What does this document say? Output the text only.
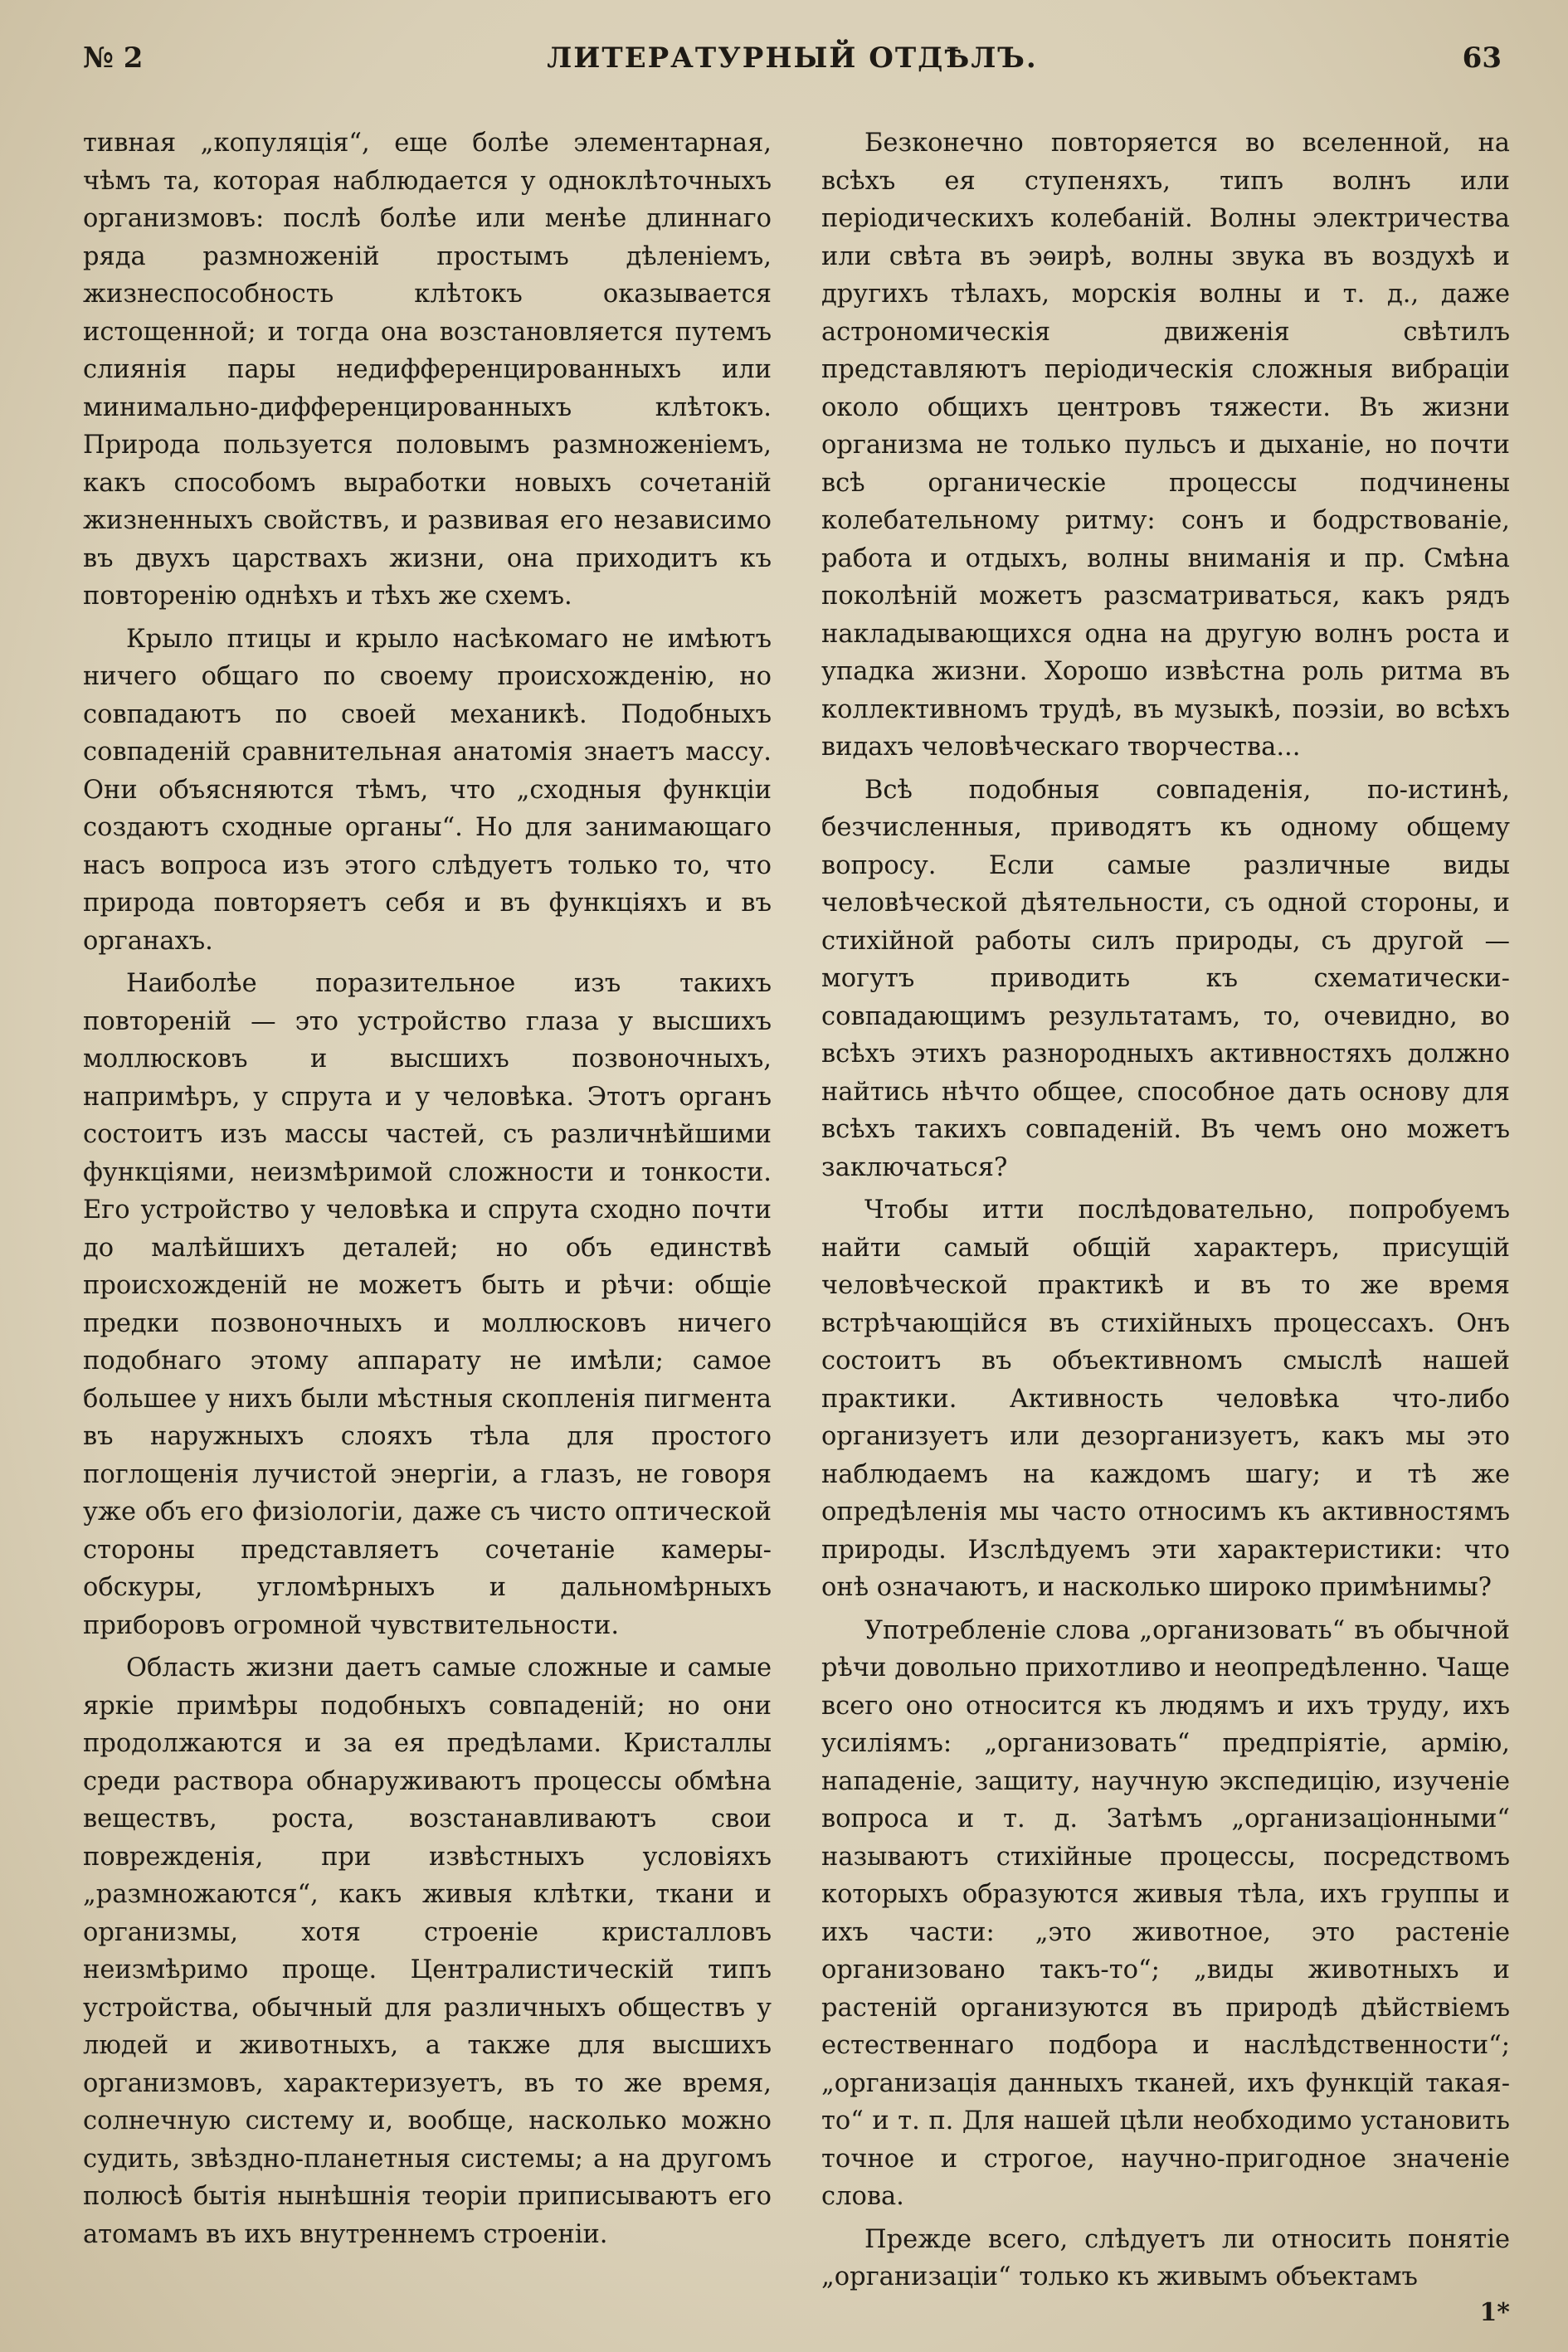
№ 2	ЛИТЕРАТУРНЫЙ ОТДѢЛЪ.	63

тивная „копуляція“, еще болѣе элементарная, чѣмъ та, которая наблюдается у одноклѣточныхъ организмовъ: послѣ болѣе или менѣе длиннаго ряда размноженій простымъ дѣленіемъ, жизнеспособность клѣтокъ оказывается истощенной; и тогда она возстановляется путемъ слиянія пары недифференцированныхъ или минимально-дифференцированныхъ клѣтокъ. Природа пользуется половымъ размноженіемъ, какъ способомъ выработки новыхъ сочетаній жизненныхъ свойствъ, и развивая его независимо въ двухъ царствахъ жизни, она приходитъ къ повторенію однѣхъ и тѣхъ же схемъ.

Крыло птицы и крыло насѣкомаго не имѣютъ ничего общаго по своему происхожденію, но совпадаютъ по своей механикѣ. Подобныхъ совпаденій сравнительная анатомія знаетъ массу. Они объясняются тѣмъ, что „сходныя функціи создаютъ сходные органы“. Но для занимающаго насъ вопроса изъ этого слѣдуетъ только то, что природа повторяетъ себя и въ функціяхъ и въ органахъ.

Наиболѣе поразительное изъ такихъ повтореній — это устройство глаза у высшихъ моллюсковъ и высшихъ позвоночныхъ, напримѣръ, у спрута и у человѣка. Этотъ органъ состоитъ изъ массы частей, съ различнѣйшими функціями, неизмѣримой сложности и тонкости. Его устройство у человѣка и спрута сходно почти до малѣйшихъ деталей; но объ единствѣ происхожденій не можетъ быть и рѣчи: общіе предки позвоночныхъ и моллюсковъ ничего подобнаго этому аппарату не имѣли; самое большее у нихъ были мѣстныя скопленія пигмента въ наружныхъ слояхъ тѣла для простого поглощенія лучистой энергіи, а глазъ, не говоря уже объ его физіологіи, даже съ чисто оптической стороны представляетъ сочетаніе камеры-обскуры, угломѣрныхъ и дальномѣрныхъ приборовъ огромной чувствительности.

Область жизни даетъ самые сложные и самые яркіе примѣры подобныхъ совпаденій; но они продолжаются и за ея предѣлами. Кристаллы среди раствора обнаруживаютъ процессы обмѣна веществъ, роста, возстанавливаютъ свои поврежденія, при извѣстныхъ условіяхъ „размножаются“, какъ живыя клѣтки, ткани и организмы, хотя строеніе кристалловъ неизмѣримо проще. Централистическій типъ устройства, обычный для различныхъ обществъ у людей и животныхъ, а также для высшихъ организмовъ, характеризуетъ, въ то же время, солнечную систему и, вообще, насколько можно судить, звѣздно-планетныя системы; а на другомъ полюсѣ бытія нынѣшнія теоріи приписываютъ его атомамъ въ ихъ внутреннемъ строеніи.

Безконечно повторяется во вселенной, на всѣхъ ея ступеняхъ, типъ волнъ или періодическихъ колебаній. Волны электричества или свѣта въ эѳирѣ, волны звука въ воздухѣ и другихъ тѣлахъ, морскія волны и т. д., даже астрономическія движенія свѣтилъ представляютъ періодическія сложныя вибраціи около общихъ центровъ тяжести. Въ жизни организма не только пульсъ и дыханіе, но почти всѣ органическіе процессы подчинены колебательному ритму: сонъ и бодрствованіе, работа и отдыхъ, волны вниманія и пр. Смѣна поколѣній можетъ разсматриваться, какъ рядъ накладывающихся одна на другую волнъ роста и упадка жизни. Хорошо извѣстна роль ритма въ коллективномъ трудѣ, въ музыкѣ, поэзіи, во всѣхъ видахъ человѣческаго творчества...

Всѣ подобныя совпаденія, по-истинѣ, безчисленныя, приводятъ къ одному общему вопросу. Если самые различные виды человѣческой дѣятельности, съ одной стороны, и стихійной работы силъ природы, съ другой — могутъ приводить къ схематически-совпадающимъ результатамъ, то, очевидно, во всѣхъ этихъ разнородныхъ активностяхъ должно найтись нѣчто общее, способное дать основу для всѣхъ такихъ совпаденій. Въ чемъ оно можетъ заключаться?

Чтобы итти послѣдовательно, попробуемъ найти самый общій характеръ, присущій человѣческой практикѣ и въ то же время встрѣчающійся въ стихійныхъ процессахъ. Онъ состоитъ въ объективномъ смыслѣ нашей практики. Активность человѣка что-либо организуетъ или дезорганизуетъ, какъ мы это наблюдаемъ на каждомъ шагу; и тѣ же опредѣленія мы часто относимъ къ активностямъ природы. Изслѣдуемъ эти характеристики: что онѣ означаютъ, и насколько широко примѣнимы?

Употребленіе слова „организовать“ въ обычной рѣчи довольно прихотливо и неопредѣленно. Чаще всего оно относится къ людямъ и ихъ труду, ихъ усиліямъ: „организовать“ предпріятіе, армію, нападеніе, защиту, научную экспедицію, изученіе вопроса и т. д. Затѣмъ „организаціонными“ называютъ стихійные процессы, посредствомъ которыхъ образуются живыя тѣла, ихъ группы и ихъ части: „это животное, это растеніе организовано такъ-то“; „виды животныхъ и растеній организуются въ природѣ дѣйствіемъ естественнаго подбора и наслѣдственности“; „организація данныхъ тканей, ихъ функцій такая-то“ и т. п. Для нашей цѣли необходимо установить точное и строгое, научно-пригодное значеніе слова.

Прежде всего, слѣдуетъ ли относить понятіе „организаціи“ только къ живымъ объектамъ

1*
